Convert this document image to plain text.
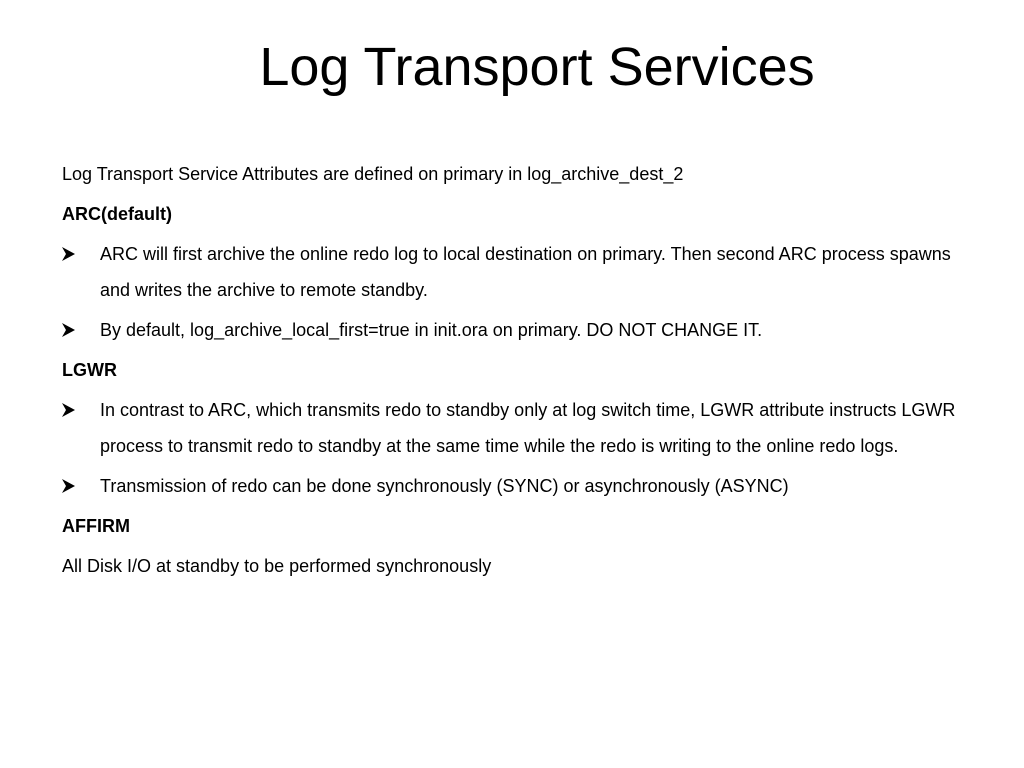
Log Transport Services

Log Transport Service Attributes are defined on primary in log_archive_dest_2

ARC(default)

ARC will first archive the online redo log to local destination on primary. Then second ARC process spawns and writes the archive to remote standby.
By default, log_archive_local_first=true in init.ora on primary. DO NOT CHANGE IT.

LGWR

In contrast to ARC, which transmits redo to standby only at log switch time, LGWR attribute instructs LGWR process to transmit redo to standby at the same time while the redo is writing to the online redo logs.
Transmission of redo can be done synchronously (SYNC) or asynchronously (ASYNC)

AFFIRM

All Disk I/O at standby to be performed synchronously
